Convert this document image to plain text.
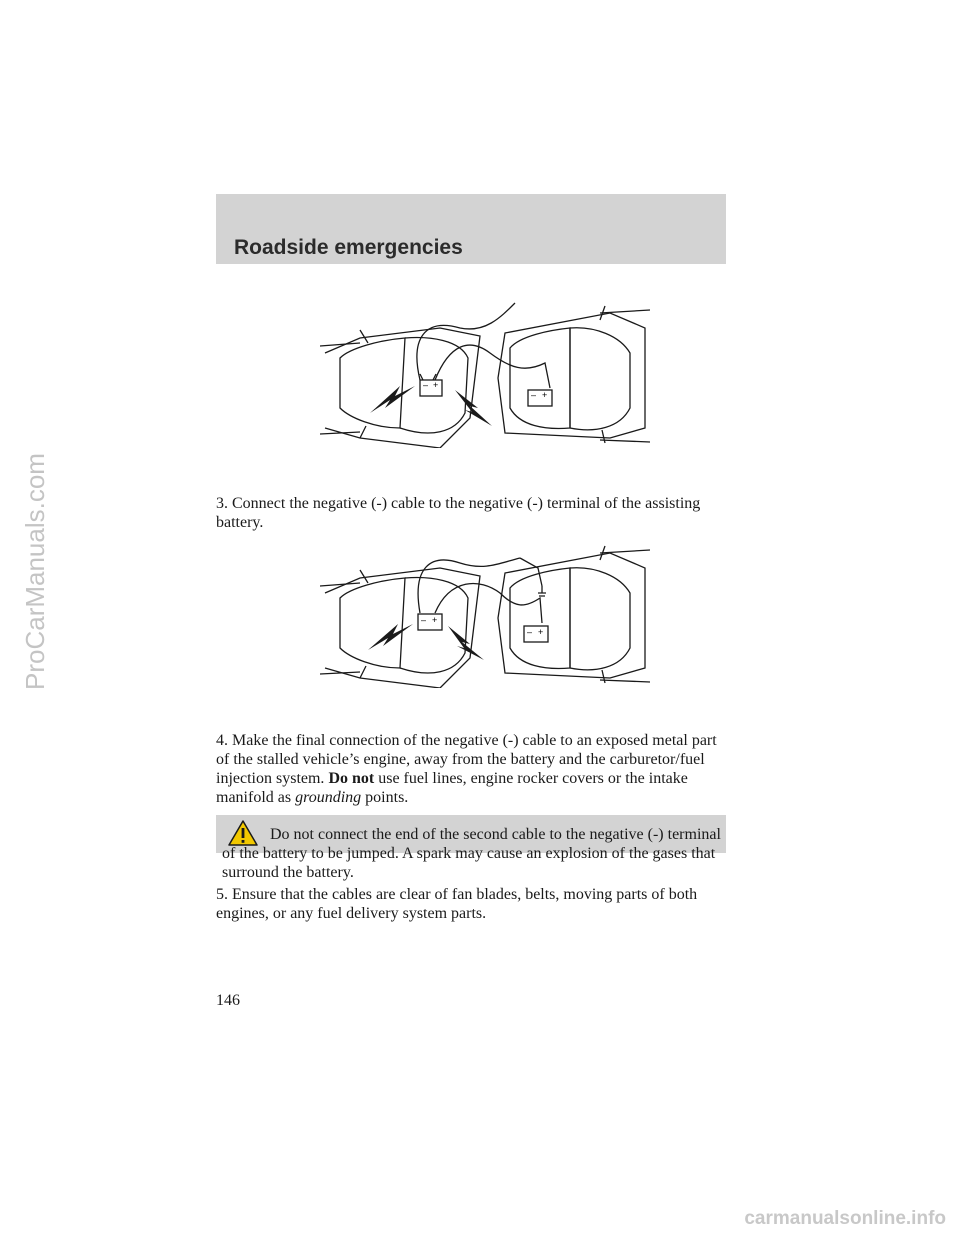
Roadside emergencies
– +
– +

3. Connect the negative (-) cable to the negative (-) terminal of the assisting battery.

– +
– +

4. Make the final connection of the negative (-) cable to an exposed metal part of the stalled vehicle’s engine, away from the battery and the carburetor/fuel injection system. Do not use fuel lines, engine rocker covers or the intake manifold as grounding points.

Do not connect the end of the second cable to the negative (-) terminal of the battery to be jumped. A spark may cause an explosion of the gases that surround the battery.

5. Ensure that the cables are clear of fan blades, belts, moving parts of both engines, or any fuel delivery system parts.

146
ProCarManuals.com
carmanualsonline.info
